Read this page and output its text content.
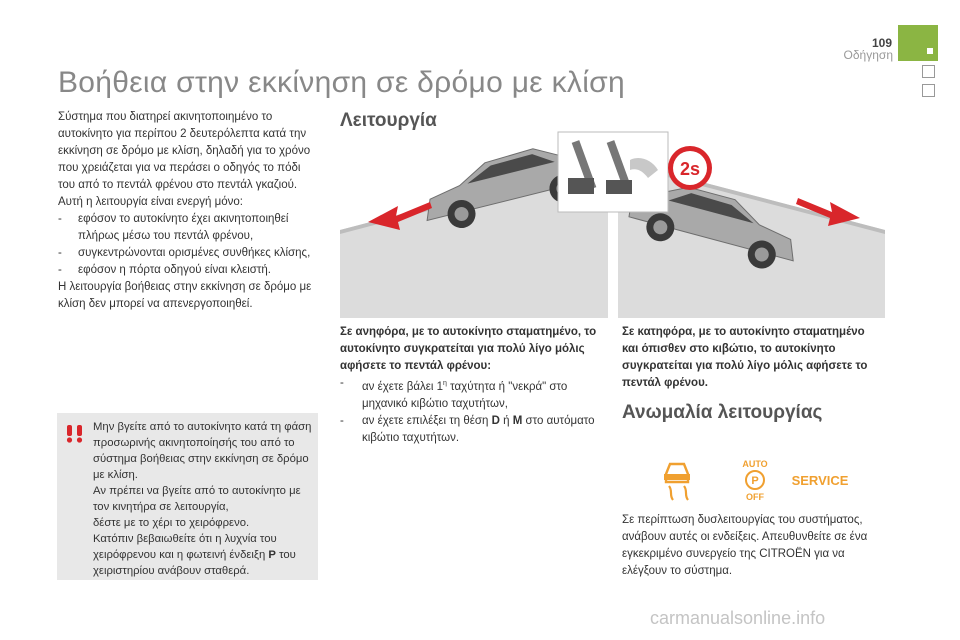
109
Οδήγηση
Βοήθεια στην εκκίνηση σε δρόμο με κλίση

Σύστημα που διατηρεί ακινητοποιημένο το αυτοκίνητο για περίπου 2 δευτερόλεπτα κατά την εκκίνηση σε δρόμο με κλίση, δηλαδή για το χρόνο που χρειάζεται για να περάσει ο οδηγός το πόδι του από το πεντάλ φρένου στο πεντάλ γκαζιού.

Αυτή η λειτουργία είναι ενεργή μόνο:

- εφόσον το αυτοκίνητο έχει ακινητοποιηθεί πλήρως μέσω του πεντάλ φρένου,

- συγκεντρώνονται ορισμένες συνθήκες κλίσης,

- εφόσον η πόρτα οδηγού είναι κλειστή.

Η λειτουργία βοήθειας στην εκκίνηση σε δρόμο με κλίση δεν μπορεί να απενεργοποιηθεί.

Μην βγείτε από το αυτοκίνητο κατά τη φάση προσωρινής ακινητοποίησής του από το σύστημα βοήθειας στην εκκίνηση σε δρόμο με κλίση.

Αν πρέπει να βγείτε από το αυτοκίνητο με τον κινητήρα σε λειτουργία,

δέστε με το χέρι το χειρόφρενο.

Κατόπιν βεβαιωθείτε ότι η λυχνία του χειρόφρενου και η φωτεινή ένδειξη P του χειριστηρίου ανάβουν σταθερά.

Λειτουργία
2s

Σε ανηφόρα, με το αυτοκίνητο σταματημένο, το αυτοκίνητο συγκρατείται για πολύ λίγο μόλις αφήσετε το πεντάλ φρένου:

- αν έχετε βάλει $1^\eta$ ταχύτητα ή "νεκρά" στο μηχανικό κιβώτιο ταχυτήτων,

- αν έχετε επιλέξει τη θέση D ή M στο αυτόματο κιβώτιο ταχυτήτων.

Σε κατηφόρα, με το αυτοκίνητο σταματημένο και όπισθεν στο κιβώτιο, το αυτοκίνητο συγκρατείται για πολύ λίγο μόλις αφήσετε το πεντάλ φρένου.

Ανωμαλία λειτουργίας
AUTO
P
OFF
SERVICE

Σε περίπτωση δυσλειτουργίας του συστήματος, ανάβουν αυτές οι ενδείξεις. Απευθυνθείτε σε ένα εγκεκριμένο συνεργείο της CITROËN για να ελέγξουν το σύστημα.

carmanualsonline.info
